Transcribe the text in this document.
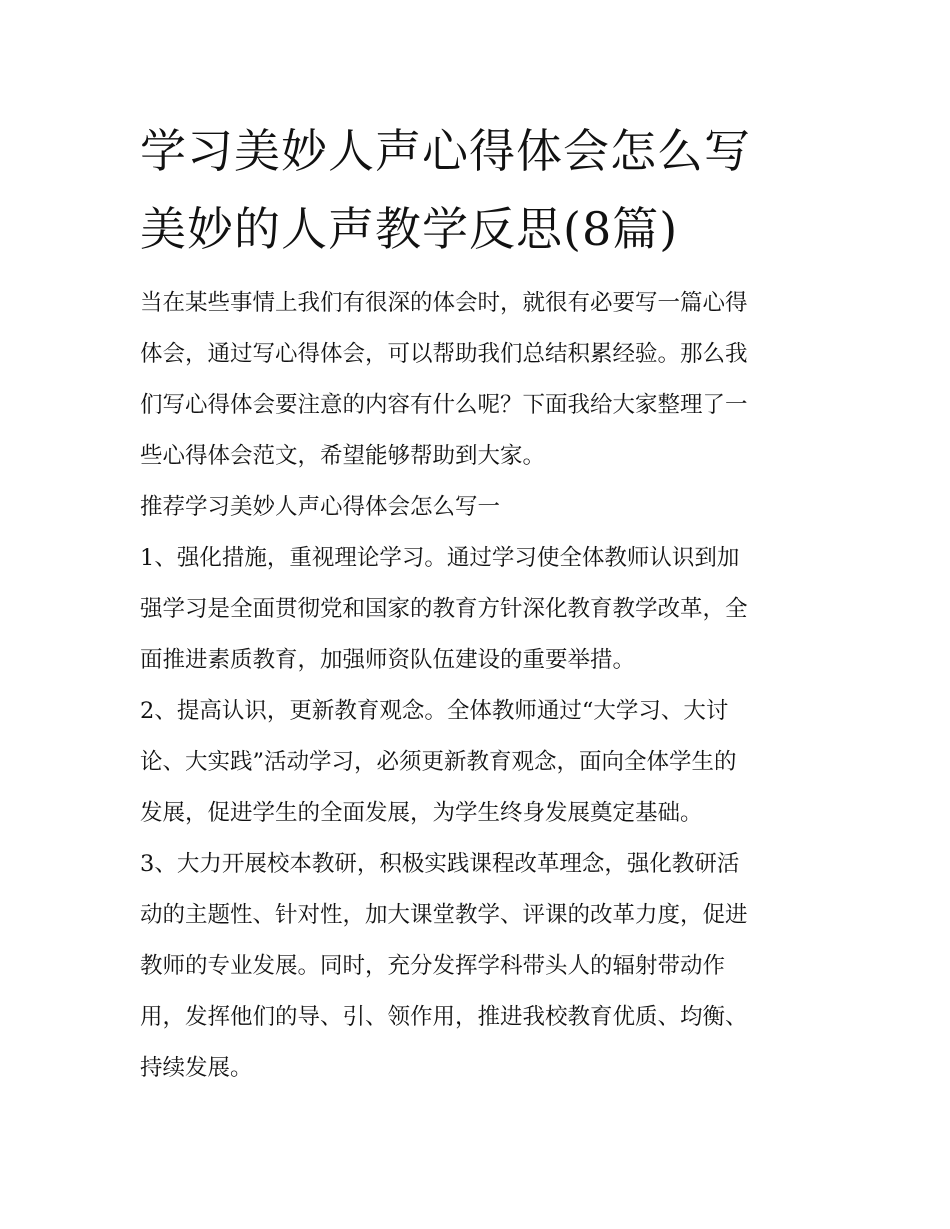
学习美妙人声心得体会怎么写
美妙的人声教学反思(8篇)

当在某些事情上我们有很深的体会时，就很有必要写一篇心得
体会，通过写心得体会，可以帮助我们总结积累经验。那么我
们写心得体会要注意的内容有什么呢？下面我给大家整理了一
些心得体会范文，希望能够帮助到大家。

推荐学习美妙人声心得体会怎么写一

1、强化措施，重视理论学习。通过学习使全体教师认识到加
强学习是全面贯彻党和国家的教育方针深化教育教学改革，全
面推进素质教育，加强师资队伍建设的重要举措。

2、提高认识，更新教育观念。全体教师通过“大学习、大讨
论、大实践”活动学习，必须更新教育观念，面向全体学生的
发展，促进学生的全面发展，为学生终身发展奠定基础。

3、大力开展校本教研，积极实践课程改革理念，强化教研活
动的主题性、针对性，加大课堂教学、评课的改革力度，促进
教师的专业发展。同时，充分发挥学科带头人的辐射带动作
用，发挥他们的导、引、领作用，推进我校教育优质、均衡、
持续发展。
